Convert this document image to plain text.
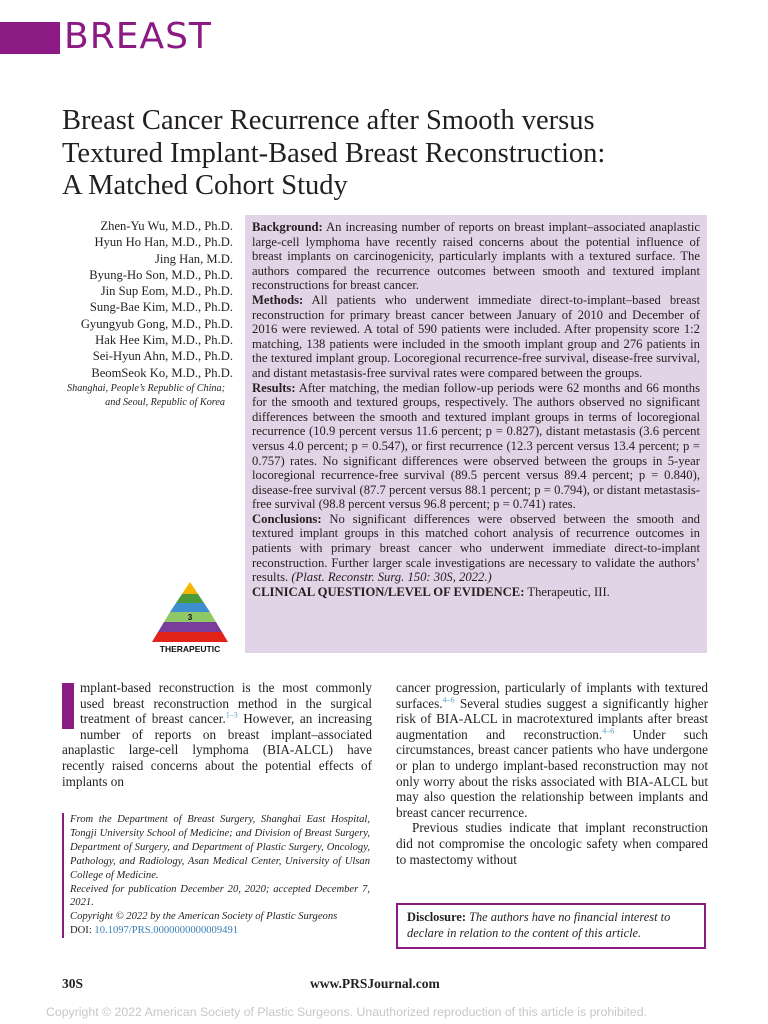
BREAST
Breast Cancer Recurrence after Smooth versus
Textured Implant-Based Breast Reconstruction:
A Matched Cohort Study
Zhen-Yu Wu, M.D., Ph.D.
Hyun Ho Han, M.D., Ph.D.
Jing Han, M.D.
Byung-Ho Son, M.D., Ph.D.
Jin Sup Eom, M.D., Ph.D.
Sung-Bae Kim, M.D., Ph.D.
Gyungyub Gong, M.D., Ph.D.
Hak Hee Kim, M.D., Ph.D.
Sei-Hyun Ahn, M.D., Ph.D.
BeomSeok Ko, M.D., Ph.D.
Shanghai, People’s Republic of China;
and Seoul, Republic of Korea

Background: An increasing number of reports on breast implant–associated anaplastic large-cell lymphoma have recently raised concerns about the potential influence of breast implants on carcinogenicity, particularly implants with a textured surface. The authors compared the recurrence outcomes between smooth and textured implant reconstructions for breast cancer.

Methods: All patients who underwent immediate direct-to-implant–based breast reconstruction for primary breast cancer between January of 2010 and December of 2016 were reviewed. A total of 590 patients were included. After propensity score 1:2 matching, 138 patients were included in the smooth implant group and 276 patients in the textured implant group. Locoregional recurrence-free survival, disease-free survival, and distant metastasis-free survival rates were compared between the groups.

Results: After matching, the median follow-up periods were 62 months and 66 months for the smooth and textured groups, respectively. The authors observed no significant differences between the smooth and textured implant groups in terms of locoregional recurrence (10.9 percent versus 11.6 percent; p = 0.827), distant metastasis (3.6 percent versus 4.0 percent; p = 0.547), or first recurrence (12.3 percent versus 13.4 percent; p = 0.757) rates. No significant differences were observed between the groups in 5-year locoregional recurrence-free survival (89.5 percent versus 89.4 percent; p = 0.840), disease-free survival (87.7 percent versus 88.1 percent; p = 0.794), or distant metastasis-free survival (98.8 percent versus 96.8 percent; p = 0.741) rates.

Conclusions: No significant differences were observed between the smooth and textured implant groups in this matched cohort analysis of recurrence outcomes in patients with primary breast cancer who underwent immediate direct-to-implant reconstruction. Further larger scale investigations are necessary to validate the authors’ results. (Plast. Reconstr. Surg. 150: 30S, 2022.)

CLINICAL QUESTION/LEVEL OF EVIDENCE: Therapeutic, III.

3
THERAPEUTIC

mplant-based reconstruction is the most commonly used breast reconstruction method in the surgical treatment of breast cancer.$^{1-3}$ However, an increasing number of reports on breast implant–associated anaplastic large-cell lymphoma (BIA-ALCL) have recently raised concerns about the potential effects of implants on

cancer progression, particularly of implants with textured surfaces.$^{4-6}$ Several studies suggest a significantly higher risk of BIA-ALCL in macrotextured implants after breast augmentation and reconstruction.$^{4-6}$ Under such circumstances, breast cancer patients who have undergone or plan to undergo implant-based reconstruction may not only worry about the risks associated with BIA-ALCL but may also question the relationship between implants and breast cancer recurrence.

Previous studies indicate that implant reconstruction did not compromise the oncologic safety when compared to mastectomy without

From the Department of Breast Surgery, Shanghai East Hospital, Tongji University School of Medicine; and Division of Breast Surgery, Department of Surgery, and Department of Plastic Surgery, Oncology, Pathology, and Radiology, Asan Medical Center, University of Ulsan College of Medicine.

Received for publication December 20, 2020; accepted December 7, 2021.

Copyright © 2022 by the American Society of Plastic Surgeons

DOI: 10.1097/PRS.0000000000009491

Disclosure: The authors have no financial interest to declare in relation to the content of this article.
30S	www.PRSJournal.com
Copyright © 2022 American Society of Plastic Surgeons. Unauthorized reproduction of this article is prohibited.
